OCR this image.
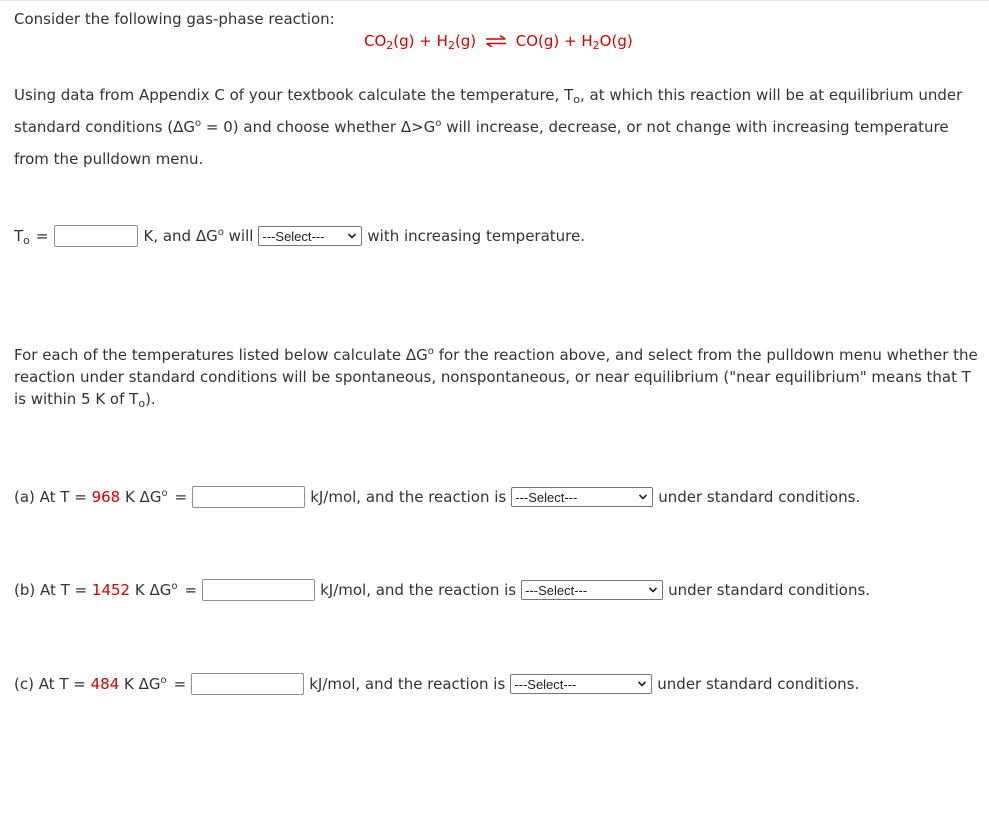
Consider the following gas-phase reaction:
$CO_2(g) + H_2(g)$ ⇌ $CO(g) + H_2O(g)$
Using data from Appendix C of your textbook calculate the temperature, $T_o$, at which this reaction will be at equilibrium under standard conditions $(\Delta G^o = 0)$ and choose whether $\Delta>G^o$ will increase, decrease, or not change with increasing temperature from the pulldown menu.
$T_o$ =	K, and $\Delta G^o$ will ---Select---	with increasing temperature.
For each of the temperatures listed below calculate $\Delta G^o$ for the reaction above, and select from the pulldown menu whether the reaction under standard conditions will be spontaneous, nonspontaneous, or near equilibrium ("near equilibrium" means that T is within 5 K of $T_o$).
(a) At T = 968 K $\Delta G^o$ =	kJ/mol, and the reaction is ---Select---	under standard conditions.
(b) At T = 1452 K $\Delta G^o$ =	kJ/mol, and the reaction is ---Select---	under standard conditions.
(c) At T = 484 K $\Delta G^o$ =	kJ/mol, and the reaction is ---Select---	under standard conditions.
